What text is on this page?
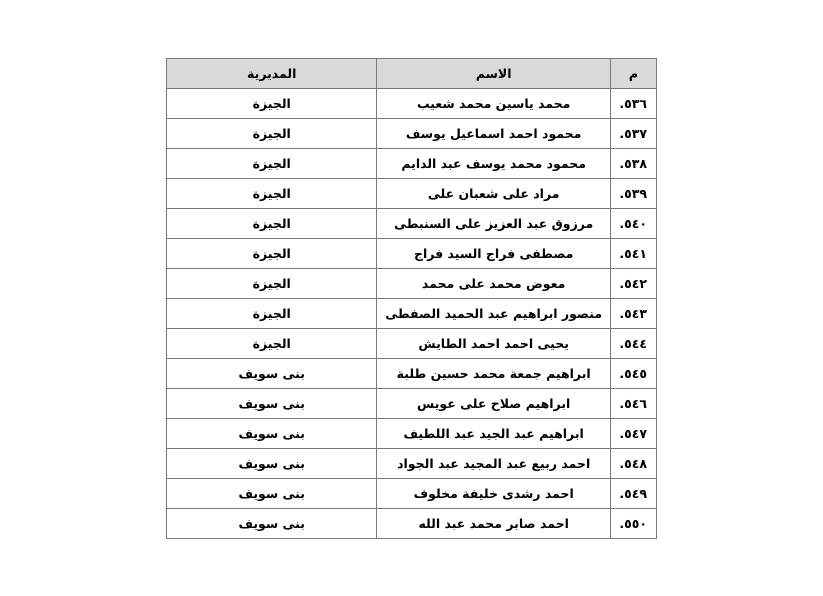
م	الاسم	المديرية
٥٣٦.	محمد ياسين محمد شعيب	الجيزة
٥٣٧.	محمود احمد اسماعيل يوسف	الجيزة
٥٣٨.	محمود محمد يوسف عبد الدايم	الجيزة
٥٣٩.	مراد على شعبان على	الجيزة
٥٤٠.	مرزوق عبد العزيز على السنبطى	الجيزة
٥٤١.	مصطفى فراج السيد فراج	الجيزة
٥٤٢.	معوض محمد على محمد	الجيزة
٥٤٣.	منصور ابراهيم عبد الحميد الصفطى	الجيزة
٥٤٤.	يحيى احمد احمد الطايش	الجيزة
٥٤٥.	ابراهيم جمعة محمد حسين طلبة	بنى سويف
٥٤٦.	ابراهيم صلاح على عويس	بنى سويف
٥٤٧.	ابراهيم عبد الجيد عبد اللطيف	بنى سويف
٥٤٨.	احمد ربيع عبد المجيد عبد الجواد	بنى سويف
٥٤٩.	احمد رشدى خليفة مخلوف	بنى سويف
٥٥٠.	احمد صابر محمد عبد الله	بنى سويف
